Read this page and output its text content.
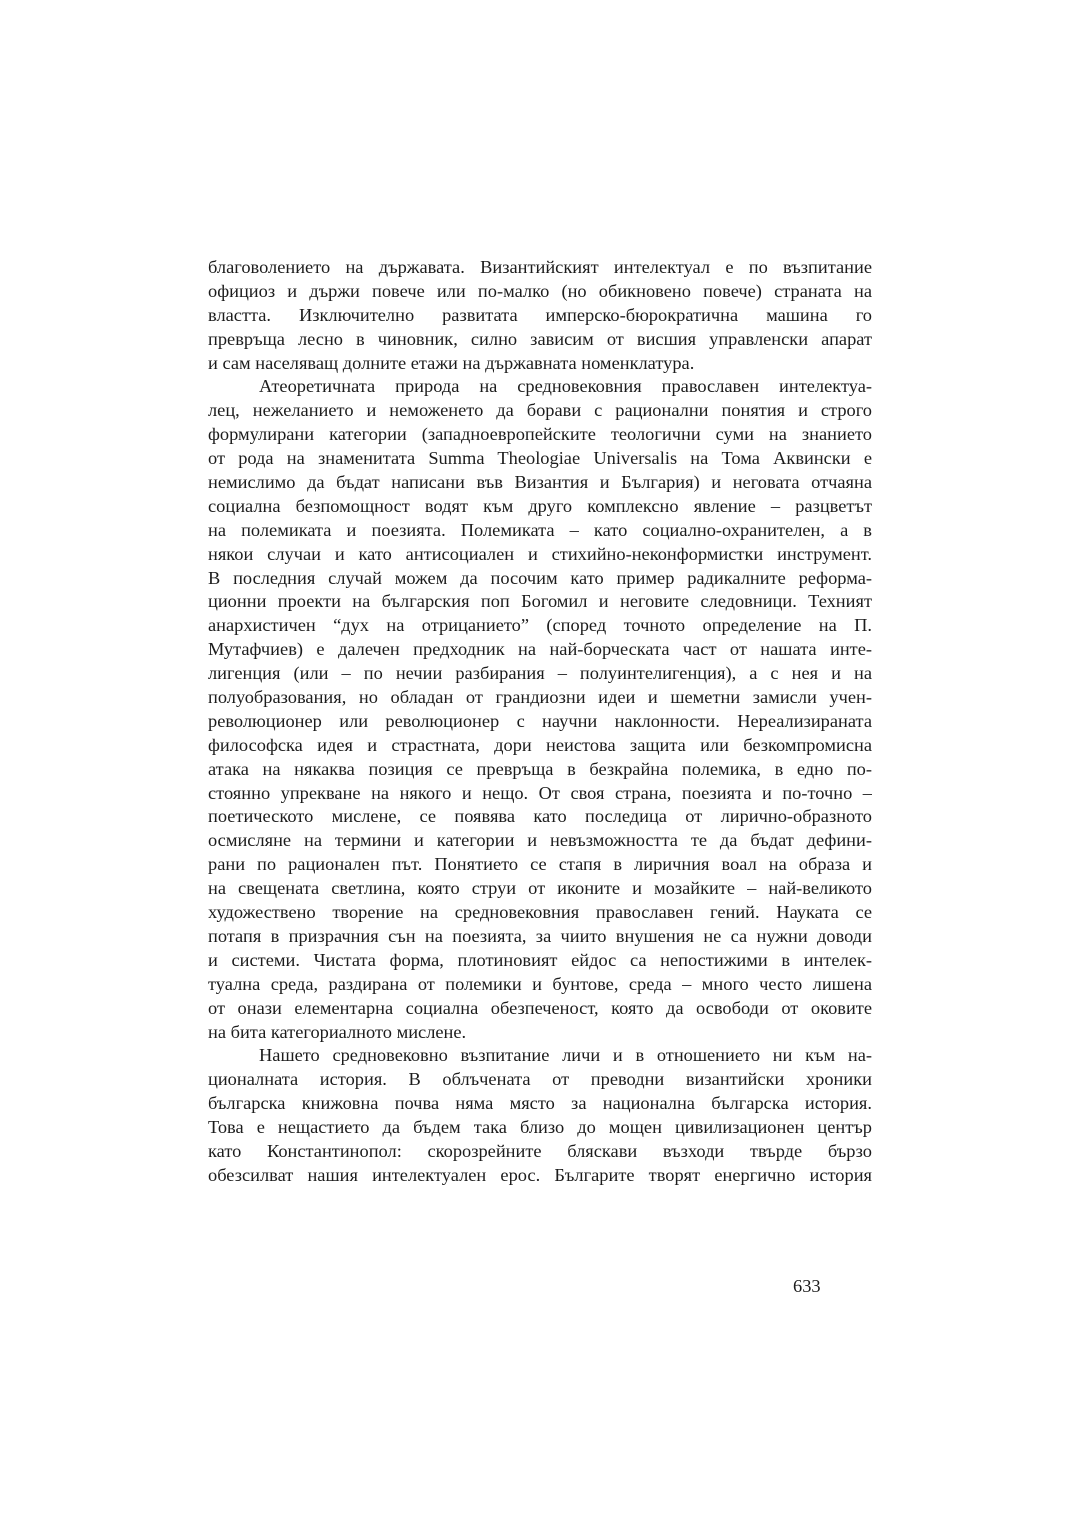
благоволението на държавата. Византийският интелектуал е по възпитание
официоз и държи повече или по-малко (но обикновено повече) страната на
властта. Изключително развитата имперско-бюрократична машина го
превръща лесно в чиновник, силно зависим от висшия управленски апарат
и сам населяващ долните етажи на държавната номенклатура.
Атеоретичната природа на средновековния православен интелектуа-
лец, нежеланието и неможенето да борави с рационални понятия и строго
формулирани категории (западноевропейските теологични суми на знанието
от рода на знаменитата Summa Theologiae Universalis на Тома Аквински е
немислимо да бъдат написани във Византия и България) и неговата отчаяна
социална безпомощност водят към друго комплексно явление – разцветът
на полемиката и поезията. Полемиката – като социално-охранителен, а в
някои случаи и като антисоциален и стихийно-неконформистки инструмент.
В последния случай можем да посочим като пример радикалните реформа-
ционни проекти на българския поп Богомил и неговите следовници. Техният
анархистичен “дух на отрицанието” (според точното определение на П.
Мутафчиев) е далечен предходник на най-борческата част от нашата инте-
лигенция (или – по нечии разбирания – полуинтелигенция), а с нея и на
полуобразования, но обладан от грандиозни идеи и шеметни замисли учен-
революционер или революционер с научни наклонности. Нереализираната
философска идея и страстната, дори неистова защита или безкомпромисна
атака на някаква позиция се превръща в безкрайна полемика, в едно по-
стоянно упрекване на някого и нещо. От своя страна, поезията и по-точно –
поетическото мислене, се появява като последица от лирично-образното
осмисляне на термини и категории и невъзможността те да бъдат дефини-
рани по рационален път. Понятието се стапя в лиричния воал на образа и
на свещената светлина, която струи от иконите и мозайките – най-великото
художествено творение на средновековния православен гений. Науката се
потапя в призрачния сън на поезията, за чиито внушения не са нужни доводи
и системи. Чистата форма, плотиновият ейдос са непостижими в интелек-
туална среда, раздирана от полемики и бунтове, среда – много често лишена
от онази елементарна социална обезпеченост, която да освободи от оковите
на бита категориалното мислене.
Нашето средновековно възпитание личи и в отношението ни към на-
ционалната история. В облъчената от преводни византийски хроники
българска книжовна почва няма място за национална българска история.
Това е нещастието да бъдем така близо до мощен цивилизационен център
като Константинопол: скорозрейните бляскави възходи твърде бързо
обезсилват нашия интелектуален ерос. Българите творят енергично история
633
